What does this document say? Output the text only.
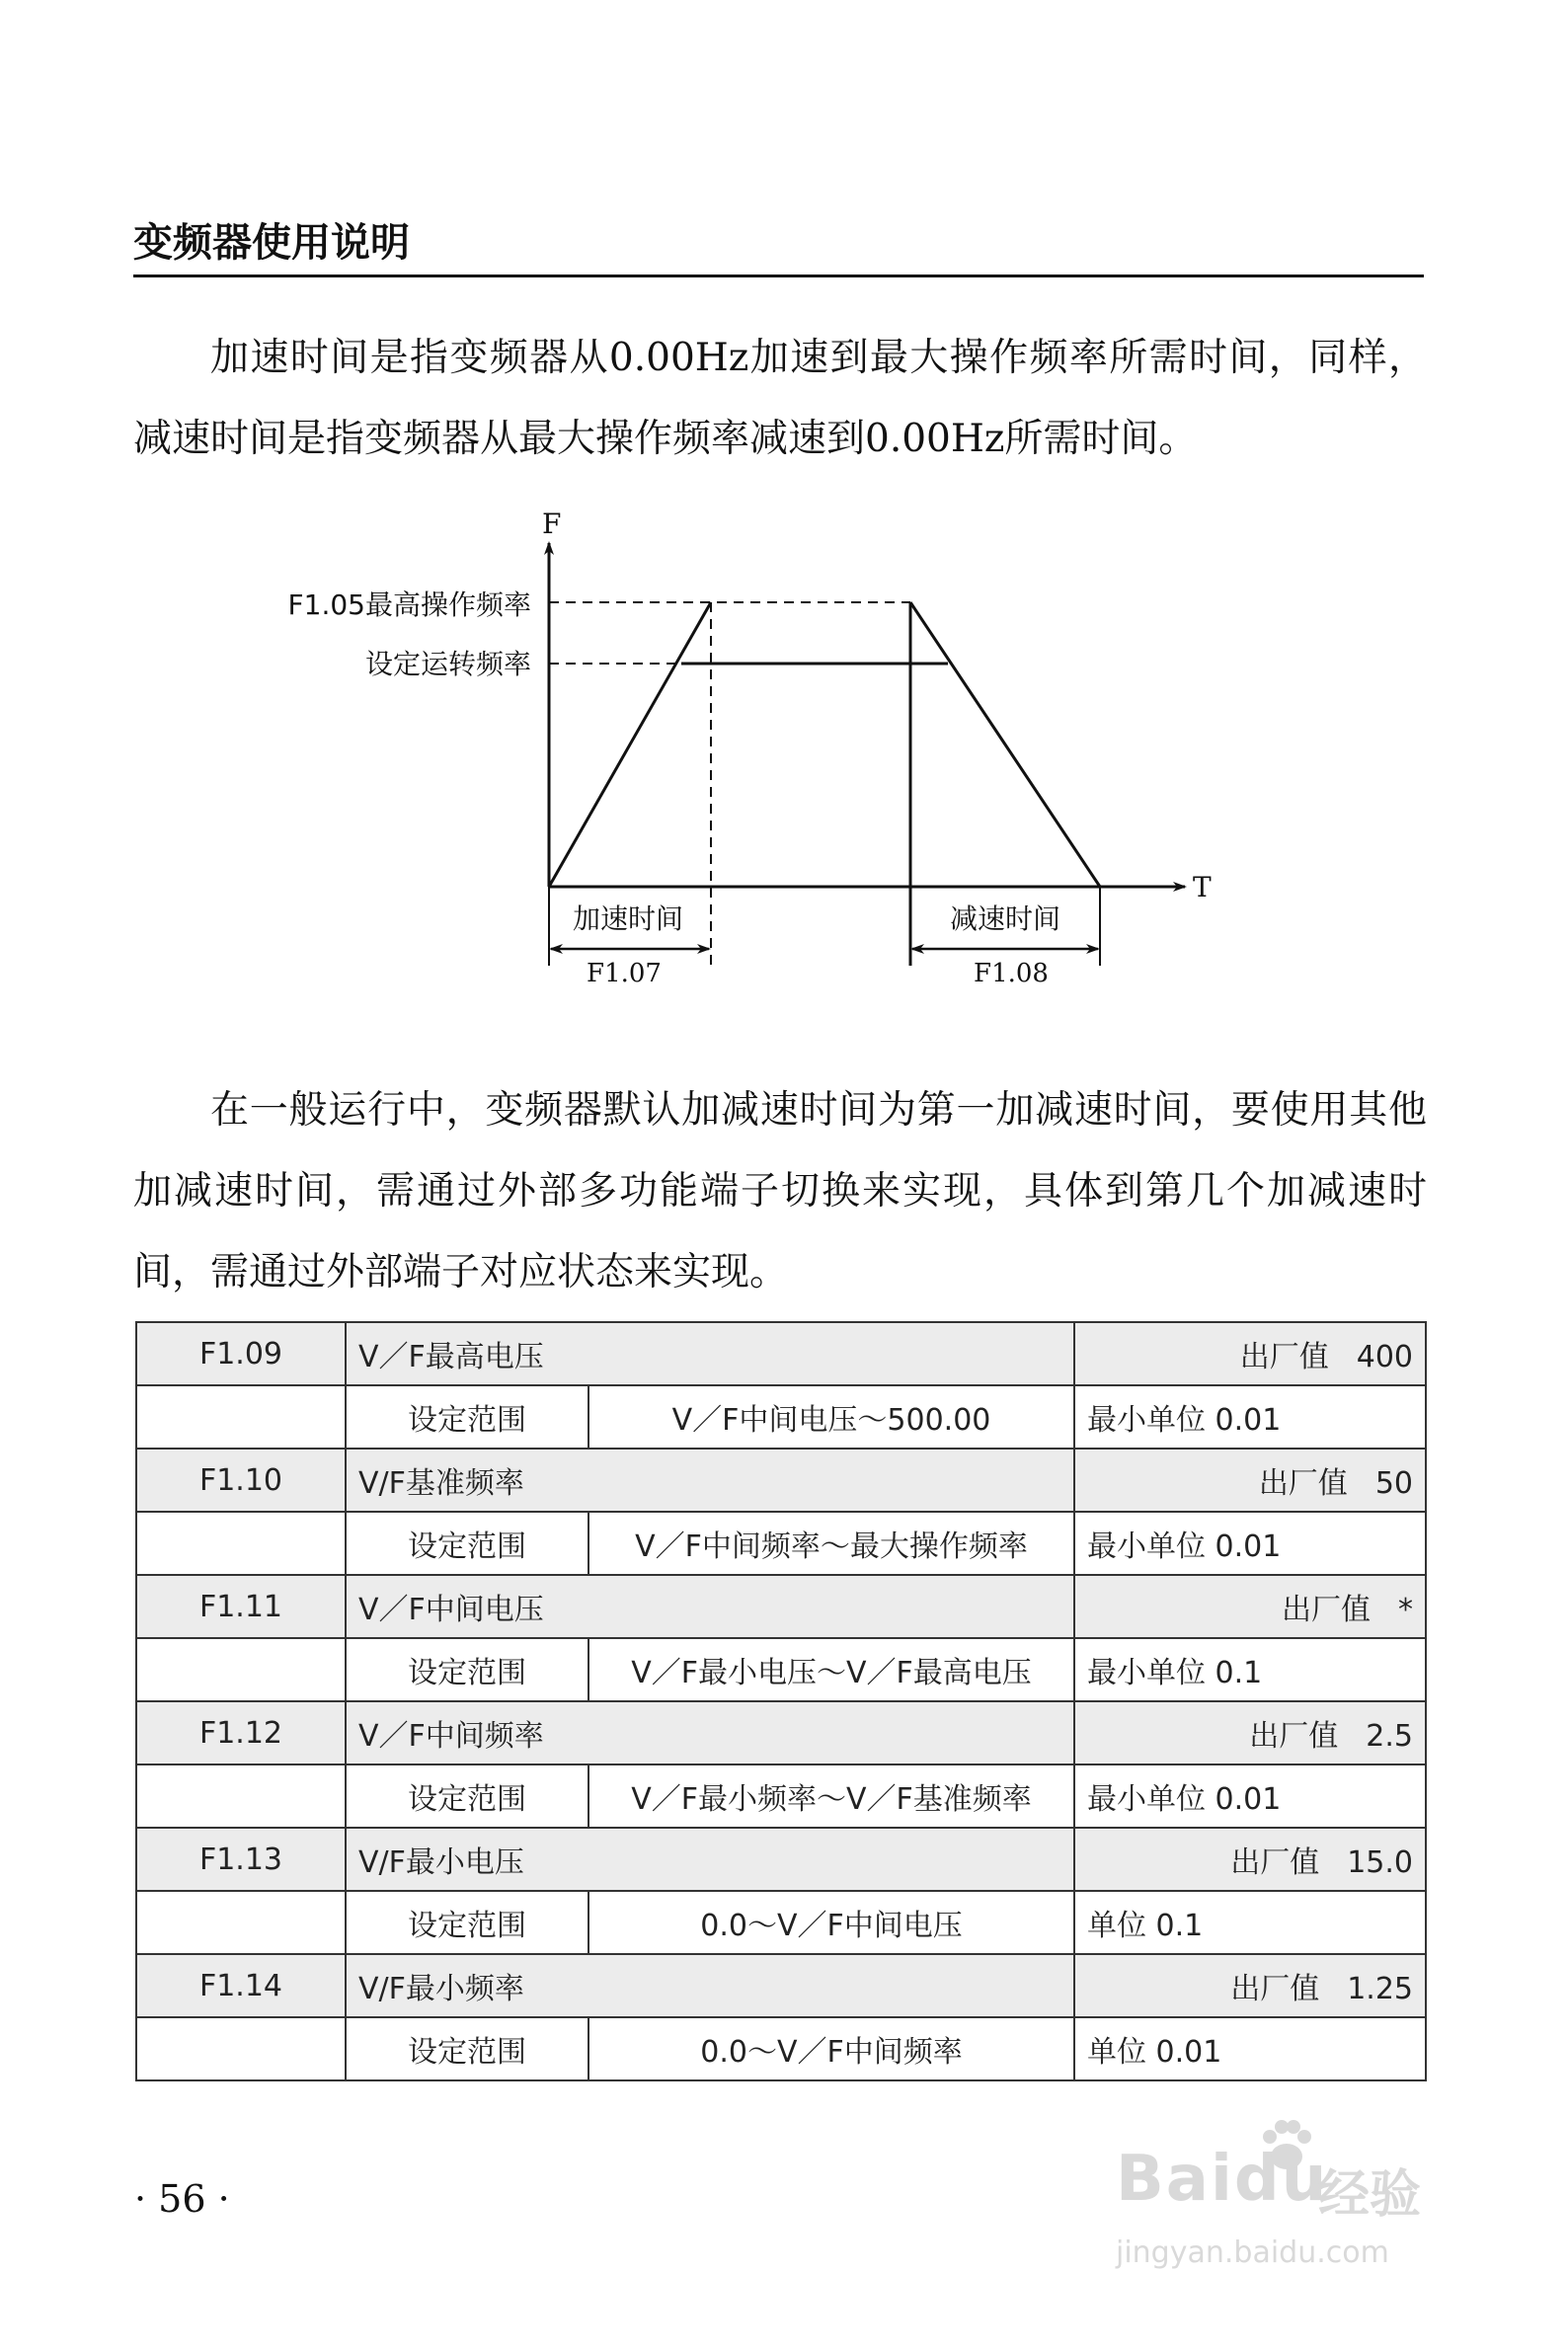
变频器使用说明

加速时间是指变频器从0.00Hz加速到最大操作频率所需时间，同样，减速时间是指变频器从最大操作频率减速到0.00Hz所需时间。

F
T
F1.05最高操作频率
设定运转频率
加速时间
F1.07
减速时间
F1.08

在一般运行中，变频器默认加减速时间为第一加减速时间，要使用其他加减速时间，需通过外部多功能端子切换来实现，具体到第几个加减速时间，需通过外部端子对应状态来实现。

F1.09	V／F最高电压		出厂值 400
	设定范围	V／F中间电压～500.00	最小单位 0.01
F1.10	V/F基准频率		出厂值 50
	设定范围	V／F中间频率～最大操作频率	最小单位 0.01
F1.11	V／F中间电压		出厂值 *
	设定范围	V／F最小电压～V／F最高电压	最小单位 0.1
F1.12	V／F中间频率		出厂值 2.5
	设定范围	V／F最小频率～V／F基准频率	最小单位 0.01
F1.13	V/F最小电压		出厂值 15.0
	设定范围	0.0～V／F中间电压	单位 0.1
F1.14	V/F最小频率		出厂值 1.25
	设定范围	0.0～V／F中间频率	单位 0.01
· 56 ·	Baidu
经验
jingyan.baidu.com
